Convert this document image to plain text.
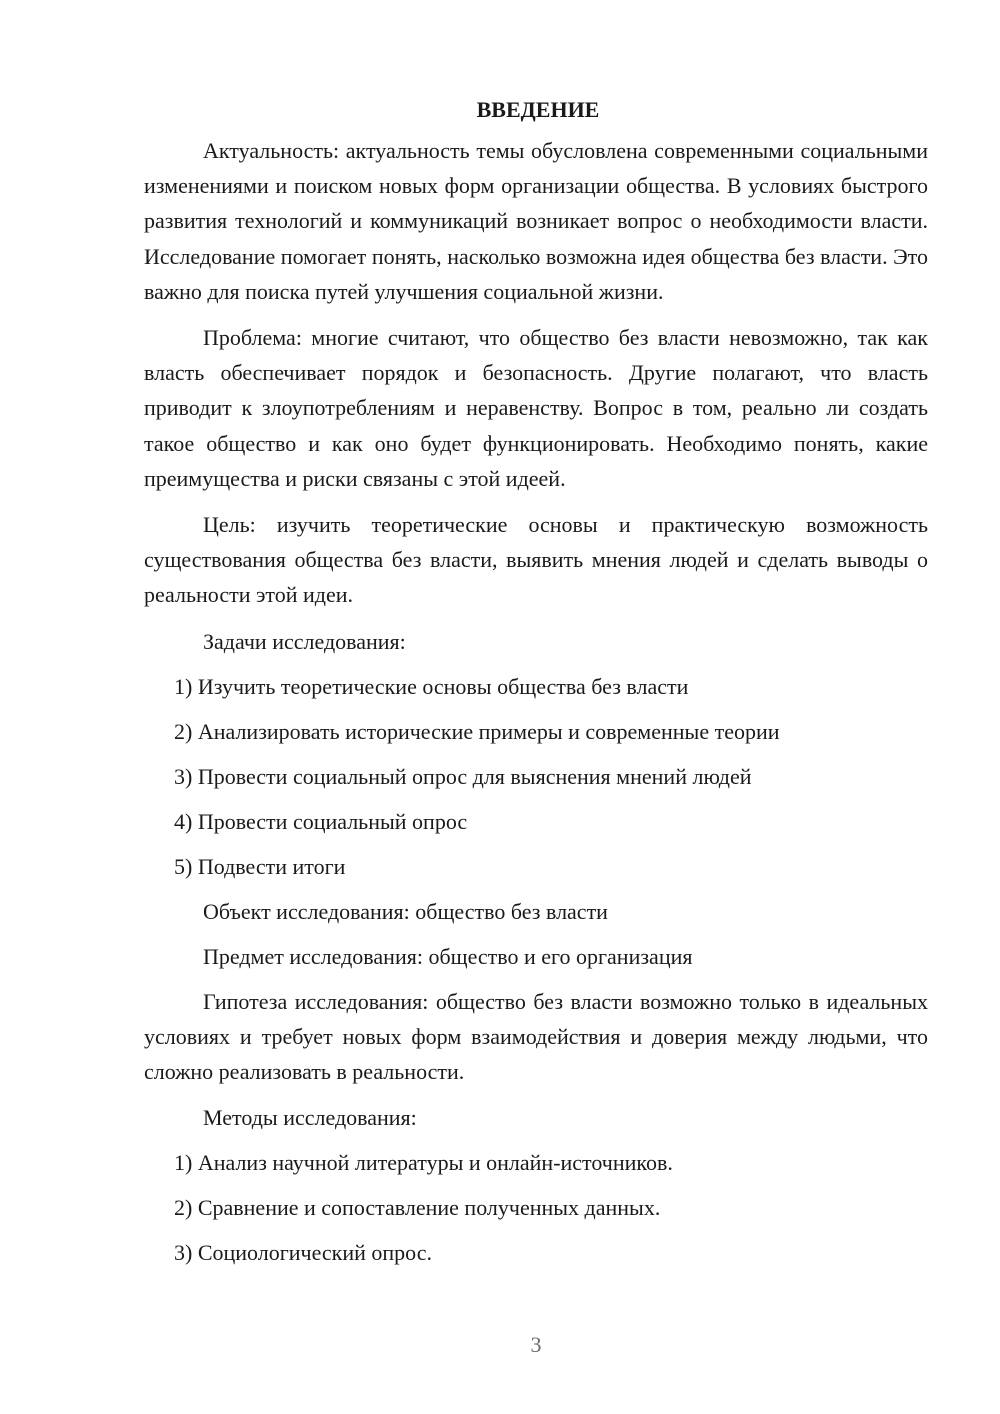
ВВЕДЕНИЕ

Актуальность: актуальность темы обусловлена современными социальными изменениями и поиском новых форм организации общества. В условиях быстрого развития технологий и коммуникаций возникает вопрос о необходимости власти. Исследование помогает понять, насколько возможна идея общества без власти. Это важно для поиска путей улучшения социальной жизни.

Проблема: многие считают, что общество без власти невозможно, так как власть обеспечивает порядок и безопасность. Другие полагают, что власть приводит к злоупотреблениям и неравенству. Вопрос в том, реально ли создать такое общество и как оно будет функционировать. Необходимо понять, какие преимущества и риски связаны с этой идеей.

Цель: изучить теоретические основы и практическую возможность существования общества без власти, выявить мнения людей и сделать выводы о реальности этой идеи.

Задачи исследования:
1) Изучить теоретические основы общества без власти
2) Анализировать исторические примеры и современные теории
3) Провести социальный опрос для выяснения мнений людей
4) Провести социальный опрос
5) Подвести итоги
Объект исследования: общество без власти
Предмет исследования: общество и его организация

Гипотеза исследования: общество без власти возможно только в идеальных условиях и требует новых форм взаимодействия и доверия между людьми, что сложно реализовать в реальности.

Методы исследования:
1) Анализ научной литературы и онлайн-источников.
2) Сравнение и сопоставление полученных данных.
3) Социологический опрос.
3
